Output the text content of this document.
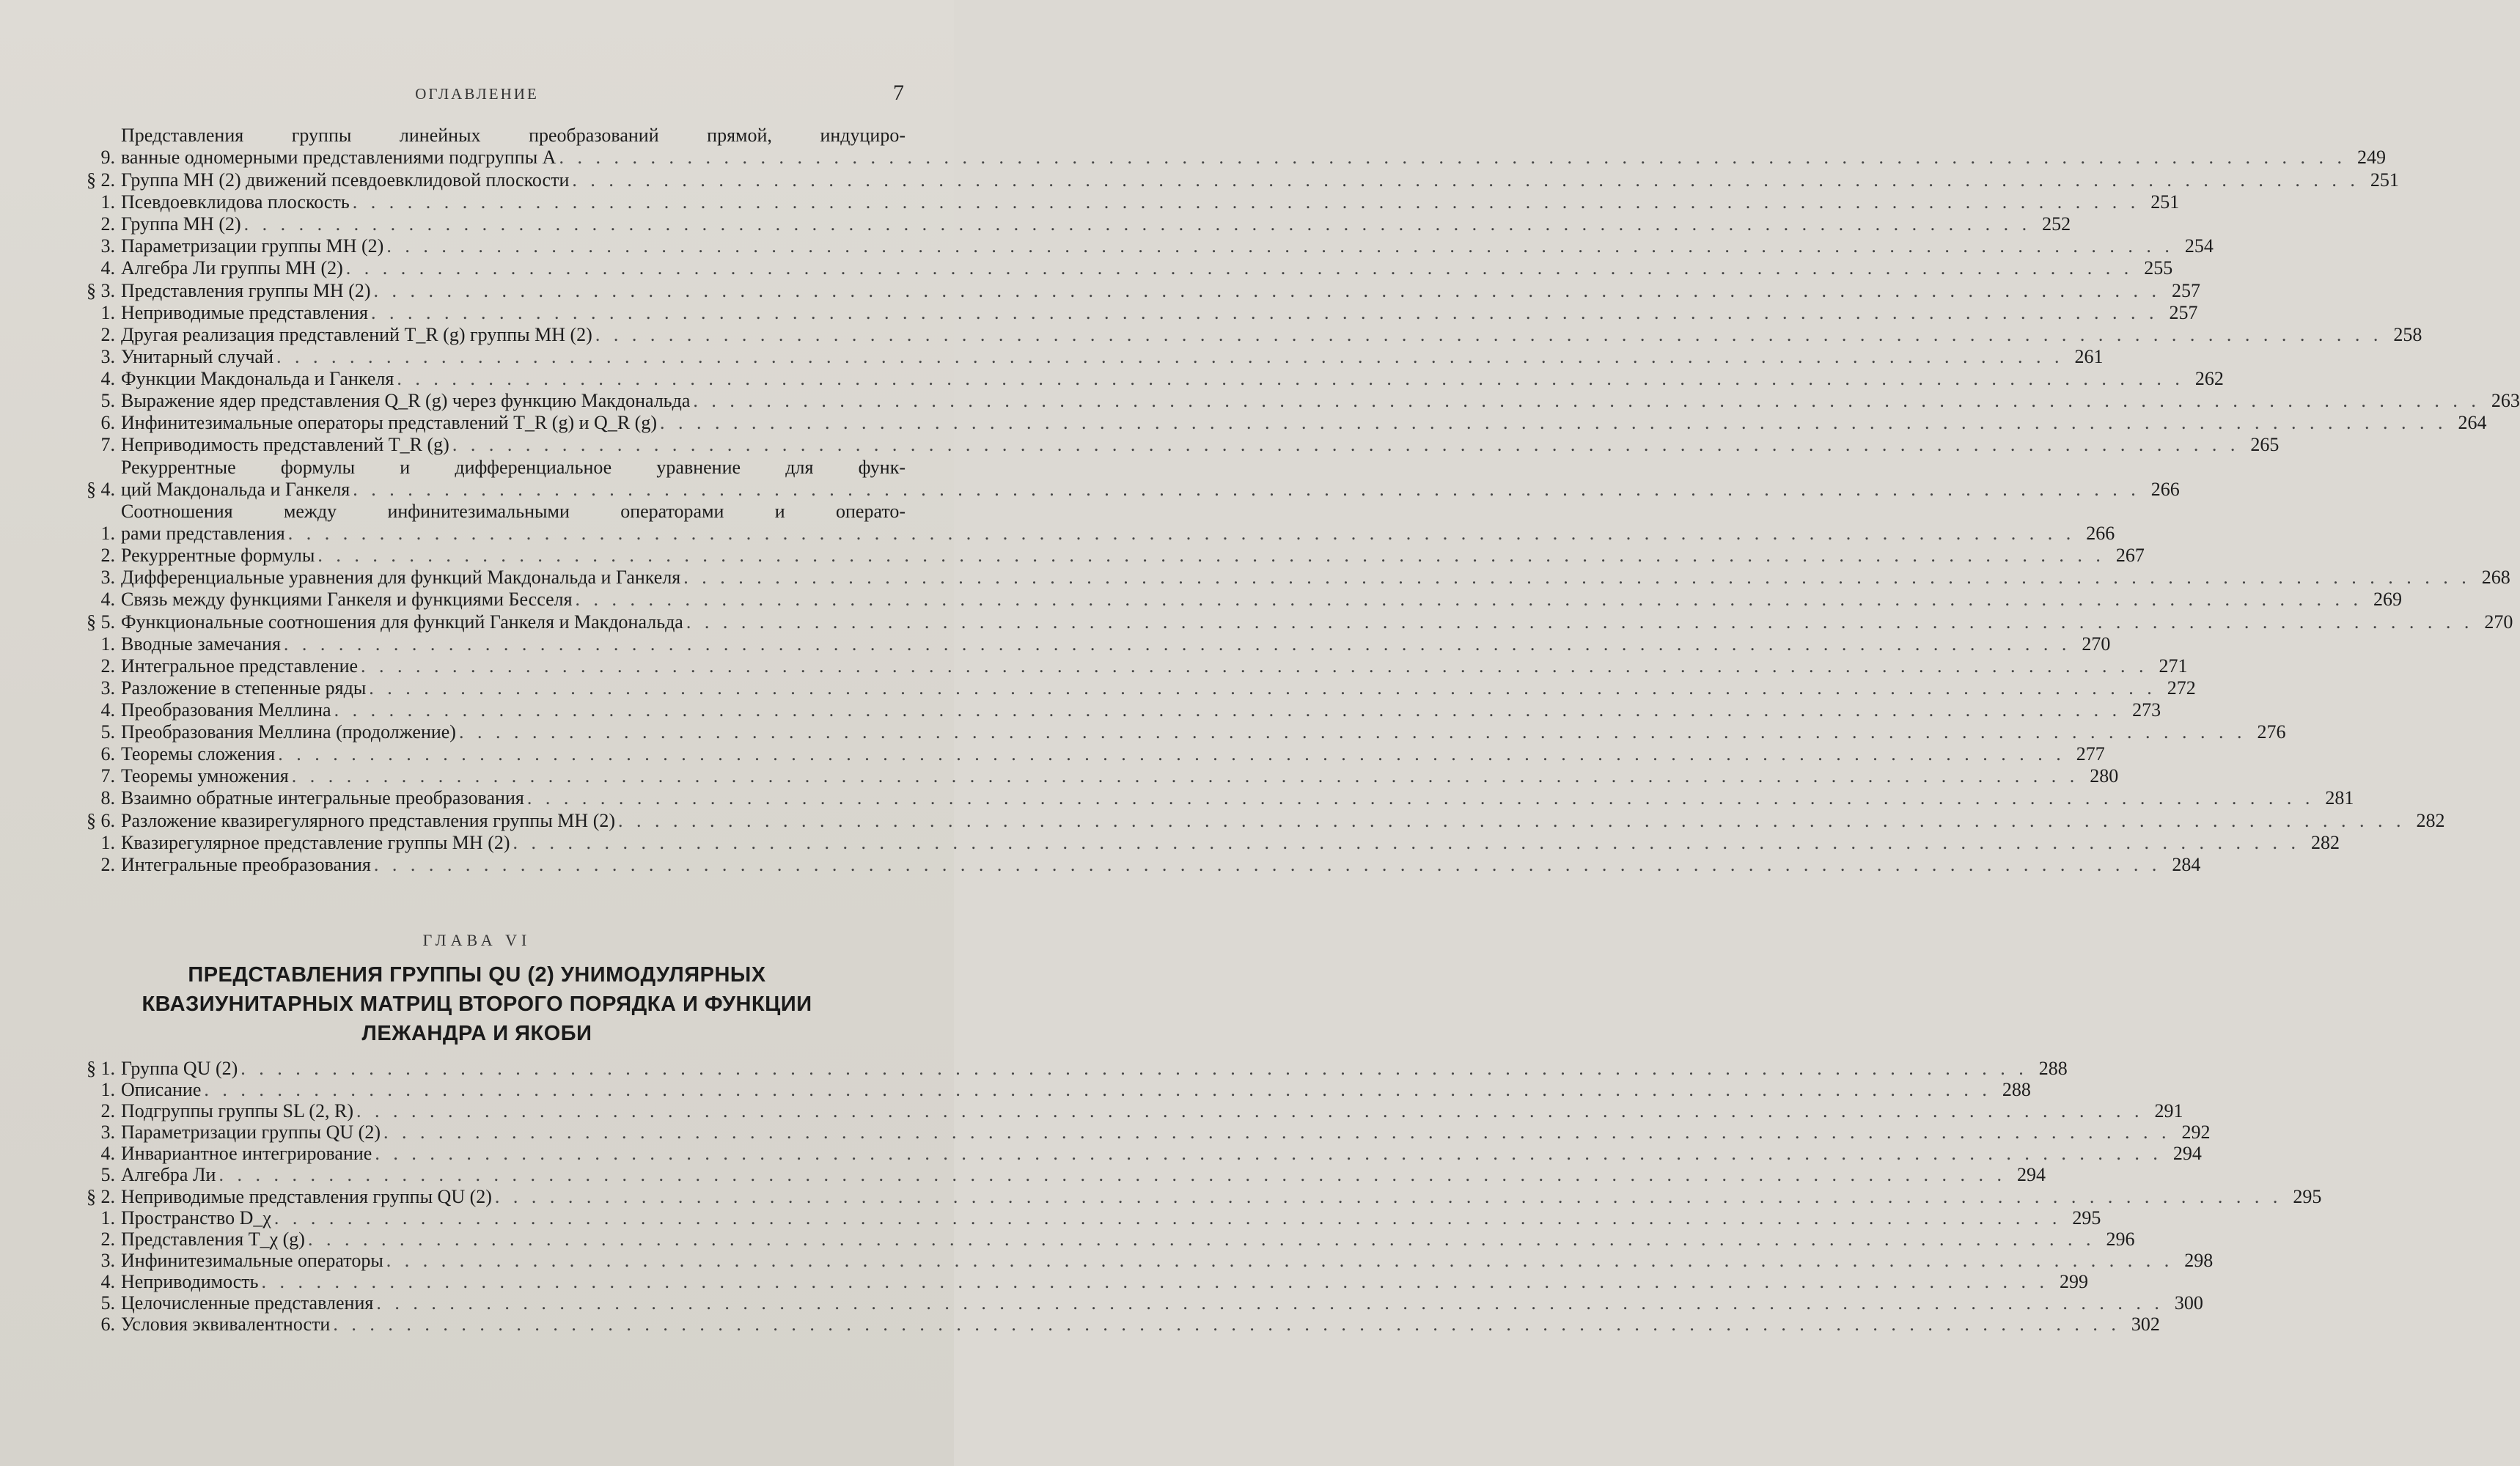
ОГЛАВЛЕНИЕ	7
9.
Представления группы линейных преобразований прямой, индуциро-
ванные одномерными представлениями подгруппы A . . . . . . . . . . . . . . . . . . . . . . . . . . . . . . . . . . . . . . . . . . . . . . . . . . . . . . . . . . . . . . . . . . . . . . . . . . . . . . . . . . . . . . . . . . . . . . . . . . 249
§ 2. Группа MH (2) движений псевдоевклидовой плоскости . . . . . . . . . . . . . . . . . . . . . . . . . . . . . . . . . . . . . . . . . . . . . . . . . . . . . . . . . . . . . . . . . . . . . . . . . . . . . . . . . . . . . . . . . . . . . . . . . . 251
1. Псевдоевклидова плоскость . . . . . . . . . . . . . . . . . . . . . . . . . . . . . . . . . . . . . . . . . . . . . . . . . . . . . . . . . . . . . . . . . . . . . . . . . . . . . . . . . . . . . . . . . . . . . . . . . . 251
2. Группа MH (2) . . . . . . . . . . . . . . . . . . . . . . . . . . . . . . . . . . . . . . . . . . . . . . . . . . . . . . . . . . . . . . . . . . . . . . . . . . . . . . . . . . . . . . . . . . . . . . . . . . 252
3. Параметризации группы MH (2) . . . . . . . . . . . . . . . . . . . . . . . . . . . . . . . . . . . . . . . . . . . . . . . . . . . . . . . . . . . . . . . . . . . . . . . . . . . . . . . . . . . . . . . . . . . . . . . . . . 254
4. Алгебра Ли группы MH (2) . . . . . . . . . . . . . . . . . . . . . . . . . . . . . . . . . . . . . . . . . . . . . . . . . . . . . . . . . . . . . . . . . . . . . . . . . . . . . . . . . . . . . . . . . . . . . . . . . . 255
§ 3. Представления группы MH (2) . . . . . . . . . . . . . . . . . . . . . . . . . . . . . . . . . . . . . . . . . . . . . . . . . . . . . . . . . . . . . . . . . . . . . . . . . . . . . . . . . . . . . . . . . . . . . . . . . . 257
1. Неприводимые представления . . . . . . . . . . . . . . . . . . . . . . . . . . . . . . . . . . . . . . . . . . . . . . . . . . . . . . . . . . . . . . . . . . . . . . . . . . . . . . . . . . . . . . . . . . . . . . . . . . 257
2. Другая реализация представлений T_R (g) группы MH (2) . . . . . . . . . . . . . . . . . . . . . . . . . . . . . . . . . . . . . . . . . . . . . . . . . . . . . . . . . . . . . . . . . . . . . . . . . . . . . . . . . . . . . . . . . . . . . . . . . . 258
3. Унитарный случай . . . . . . . . . . . . . . . . . . . . . . . . . . . . . . . . . . . . . . . . . . . . . . . . . . . . . . . . . . . . . . . . . . . . . . . . . . . . . . . . . . . . . . . . . . . . . . . . . . 261
4. Функции Макдональда и Ганкеля . . . . . . . . . . . . . . . . . . . . . . . . . . . . . . . . . . . . . . . . . . . . . . . . . . . . . . . . . . . . . . . . . . . . . . . . . . . . . . . . . . . . . . . . . . . . . . . . . . 262
5. Выражение ядер представления Q_R (g) через функцию Макдональда . . . . . . . . . . . . . . . . . . . . . . . . . . . . . . . . . . . . . . . . . . . . . . . . . . . . . . . . . . . . . . . . . . . . . . . . . . . . . . . . . . . . . . . . . . . . . . . . . . 263
6. Инфинитезимальные операторы представлений T_R (g) и Q_R (g) . . . . . . . . . . . . . . . . . . . . . . . . . . . . . . . . . . . . . . . . . . . . . . . . . . . . . . . . . . . . . . . . . . . . . . . . . . . . . . . . . . . . . . . . . . . . . . . . . . 264
7. Неприводимость представлений T_R (g) . . . . . . . . . . . . . . . . . . . . . . . . . . . . . . . . . . . . . . . . . . . . . . . . . . . . . . . . . . . . . . . . . . . . . . . . . . . . . . . . . . . . . . . . . . . . . . . . . . 265
§ 4.
Рекуррентные формулы и дифференциальное уравнение для функ-
ций Макдональда и Ганкеля . . . . . . . . . . . . . . . . . . . . . . . . . . . . . . . . . . . . . . . . . . . . . . . . . . . . . . . . . . . . . . . . . . . . . . . . . . . . . . . . . . . . . . . . . . . . . . . . . . 266
1.
Соотношения между инфинитезимальными операторами и операто-
рами представления . . . . . . . . . . . . . . . . . . . . . . . . . . . . . . . . . . . . . . . . . . . . . . . . . . . . . . . . . . . . . . . . . . . . . . . . . . . . . . . . . . . . . . . . . . . . . . . . . . 266
2. Рекуррентные формулы . . . . . . . . . . . . . . . . . . . . . . . . . . . . . . . . . . . . . . . . . . . . . . . . . . . . . . . . . . . . . . . . . . . . . . . . . . . . . . . . . . . . . . . . . . . . . . . . . . 267
3. Дифференциальные уравнения для функций Макдональда и Ганкеля . . . . . . . . . . . . . . . . . . . . . . . . . . . . . . . . . . . . . . . . . . . . . . . . . . . . . . . . . . . . . . . . . . . . . . . . . . . . . . . . . . . . . . . . . . . . . . . . . . 268
4. Связь между функциями Ганкеля и функциями Бесселя . . . . . . . . . . . . . . . . . . . . . . . . . . . . . . . . . . . . . . . . . . . . . . . . . . . . . . . . . . . . . . . . . . . . . . . . . . . . . . . . . . . . . . . . . . . . . . . . . . 269
§ 5. Функциональные соотношения для функций Ганкеля и Макдональда . . . . . . . . . . . . . . . . . . . . . . . . . . . . . . . . . . . . . . . . . . . . . . . . . . . . . . . . . . . . . . . . . . . . . . . . . . . . . . . . . . . . . . . . . . . . . . . . . . 270
1. Вводные замечания . . . . . . . . . . . . . . . . . . . . . . . . . . . . . . . . . . . . . . . . . . . . . . . . . . . . . . . . . . . . . . . . . . . . . . . . . . . . . . . . . . . . . . . . . . . . . . . . . . 270
2. Интегральное представление . . . . . . . . . . . . . . . . . . . . . . . . . . . . . . . . . . . . . . . . . . . . . . . . . . . . . . . . . . . . . . . . . . . . . . . . . . . . . . . . . . . . . . . . . . . . . . . . . . 271
3. Разложение в степенные ряды . . . . . . . . . . . . . . . . . . . . . . . . . . . . . . . . . . . . . . . . . . . . . . . . . . . . . . . . . . . . . . . . . . . . . . . . . . . . . . . . . . . . . . . . . . . . . . . . . . 272
4. Преобразования Меллина . . . . . . . . . . . . . . . . . . . . . . . . . . . . . . . . . . . . . . . . . . . . . . . . . . . . . . . . . . . . . . . . . . . . . . . . . . . . . . . . . . . . . . . . . . . . . . . . . . 273
5. Преобразования Меллина (продолжение) . . . . . . . . . . . . . . . . . . . . . . . . . . . . . . . . . . . . . . . . . . . . . . . . . . . . . . . . . . . . . . . . . . . . . . . . . . . . . . . . . . . . . . . . . . . . . . . . . . 276
6. Теоремы сложения . . . . . . . . . . . . . . . . . . . . . . . . . . . . . . . . . . . . . . . . . . . . . . . . . . . . . . . . . . . . . . . . . . . . . . . . . . . . . . . . . . . . . . . . . . . . . . . . . . 277
7. Теоремы умножения . . . . . . . . . . . . . . . . . . . . . . . . . . . . . . . . . . . . . . . . . . . . . . . . . . . . . . . . . . . . . . . . . . . . . . . . . . . . . . . . . . . . . . . . . . . . . . . . . . 280
8. Взаимно обратные интегральные преобразования . . . . . . . . . . . . . . . . . . . . . . . . . . . . . . . . . . . . . . . . . . . . . . . . . . . . . . . . . . . . . . . . . . . . . . . . . . . . . . . . . . . . . . . . . . . . . . . . . . 281
§ 6. Разложение квазирегулярного представления группы MH (2) . . . . . . . . . . . . . . . . . . . . . . . . . . . . . . . . . . . . . . . . . . . . . . . . . . . . . . . . . . . . . . . . . . . . . . . . . . . . . . . . . . . . . . . . . . . . . . . . . . 282
1. Квазирегулярное представление группы MH (2) . . . . . . . . . . . . . . . . . . . . . . . . . . . . . . . . . . . . . . . . . . . . . . . . . . . . . . . . . . . . . . . . . . . . . . . . . . . . . . . . . . . . . . . . . . . . . . . . . . 282
2. Интегральные преобразования . . . . . . . . . . . . . . . . . . . . . . . . . . . . . . . . . . . . . . . . . . . . . . . . . . . . . . . . . . . . . . . . . . . . . . . . . . . . . . . . . . . . . . . . . . . . . . . . . . 284
ГЛАВА VI
ПРЕДСТАВЛЕНИЯ ГРУППЫ QU (2) УНИМОДУЛЯРНЫХ
КВАЗИУНИТАРНЫХ МАТРИЦ ВТОРОГО ПОРЯДКА И ФУНКЦИИ
ЛЕЖАНДРА И ЯКОБИ
§ 1. Группа QU (2) . . . . . . . . . . . . . . . . . . . . . . . . . . . . . . . . . . . . . . . . . . . . . . . . . . . . . . . . . . . . . . . . . . . . . . . . . . . . . . . . . . . . . . . . . . . . . . . . . . 288
1. Описание . . . . . . . . . . . . . . . . . . . . . . . . . . . . . . . . . . . . . . . . . . . . . . . . . . . . . . . . . . . . . . . . . . . . . . . . . . . . . . . . . . . . . . . . . . . . . . . . . . 288
2. Подгруппы группы SL (2, R) . . . . . . . . . . . . . . . . . . . . . . . . . . . . . . . . . . . . . . . . . . . . . . . . . . . . . . . . . . . . . . . . . . . . . . . . . . . . . . . . . . . . . . . . . . . . . . . . . . 291
3. Параметризации группы QU (2) . . . . . . . . . . . . . . . . . . . . . . . . . . . . . . . . . . . . . . . . . . . . . . . . . . . . . . . . . . . . . . . . . . . . . . . . . . . . . . . . . . . . . . . . . . . . . . . . . . 292
4. Инвариантное интегрирование . . . . . . . . . . . . . . . . . . . . . . . . . . . . . . . . . . . . . . . . . . . . . . . . . . . . . . . . . . . . . . . . . . . . . . . . . . . . . . . . . . . . . . . . . . . . . . . . . . 294
5. Алгебра Ли . . . . . . . . . . . . . . . . . . . . . . . . . . . . . . . . . . . . . . . . . . . . . . . . . . . . . . . . . . . . . . . . . . . . . . . . . . . . . . . . . . . . . . . . . . . . . . . . . . 294
§ 2. Неприводимые представления группы QU (2) . . . . . . . . . . . . . . . . . . . . . . . . . . . . . . . . . . . . . . . . . . . . . . . . . . . . . . . . . . . . . . . . . . . . . . . . . . . . . . . . . . . . . . . . . . . . . . . . . . 295
1. Пространство D_χ . . . . . . . . . . . . . . . . . . . . . . . . . . . . . . . . . . . . . . . . . . . . . . . . . . . . . . . . . . . . . . . . . . . . . . . . . . . . . . . . . . . . . . . . . . . . . . . . . . 295
2. Представления T_χ (g) . . . . . . . . . . . . . . . . . . . . . . . . . . . . . . . . . . . . . . . . . . . . . . . . . . . . . . . . . . . . . . . . . . . . . . . . . . . . . . . . . . . . . . . . . . . . . . . . . . 296
3. Инфинитезимальные операторы . . . . . . . . . . . . . . . . . . . . . . . . . . . . . . . . . . . . . . . . . . . . . . . . . . . . . . . . . . . . . . . . . . . . . . . . . . . . . . . . . . . . . . . . . . . . . . . . . . 298
4. Неприводимость . . . . . . . . . . . . . . . . . . . . . . . . . . . . . . . . . . . . . . . . . . . . . . . . . . . . . . . . . . . . . . . . . . . . . . . . . . . . . . . . . . . . . . . . . . . . . . . . . . 299
5. Целочисленные представления . . . . . . . . . . . . . . . . . . . . . . . . . . . . . . . . . . . . . . . . . . . . . . . . . . . . . . . . . . . . . . . . . . . . . . . . . . . . . . . . . . . . . . . . . . . . . . . . . . 300
6. Условия эквивалентности . . . . . . . . . . . . . . . . . . . . . . . . . . . . . . . . . . . . . . . . . . . . . . . . . . . . . . . . . . . . . . . . . . . . . . . . . . . . . . . . . . . . . . . . . . . . . . . . . . 302
